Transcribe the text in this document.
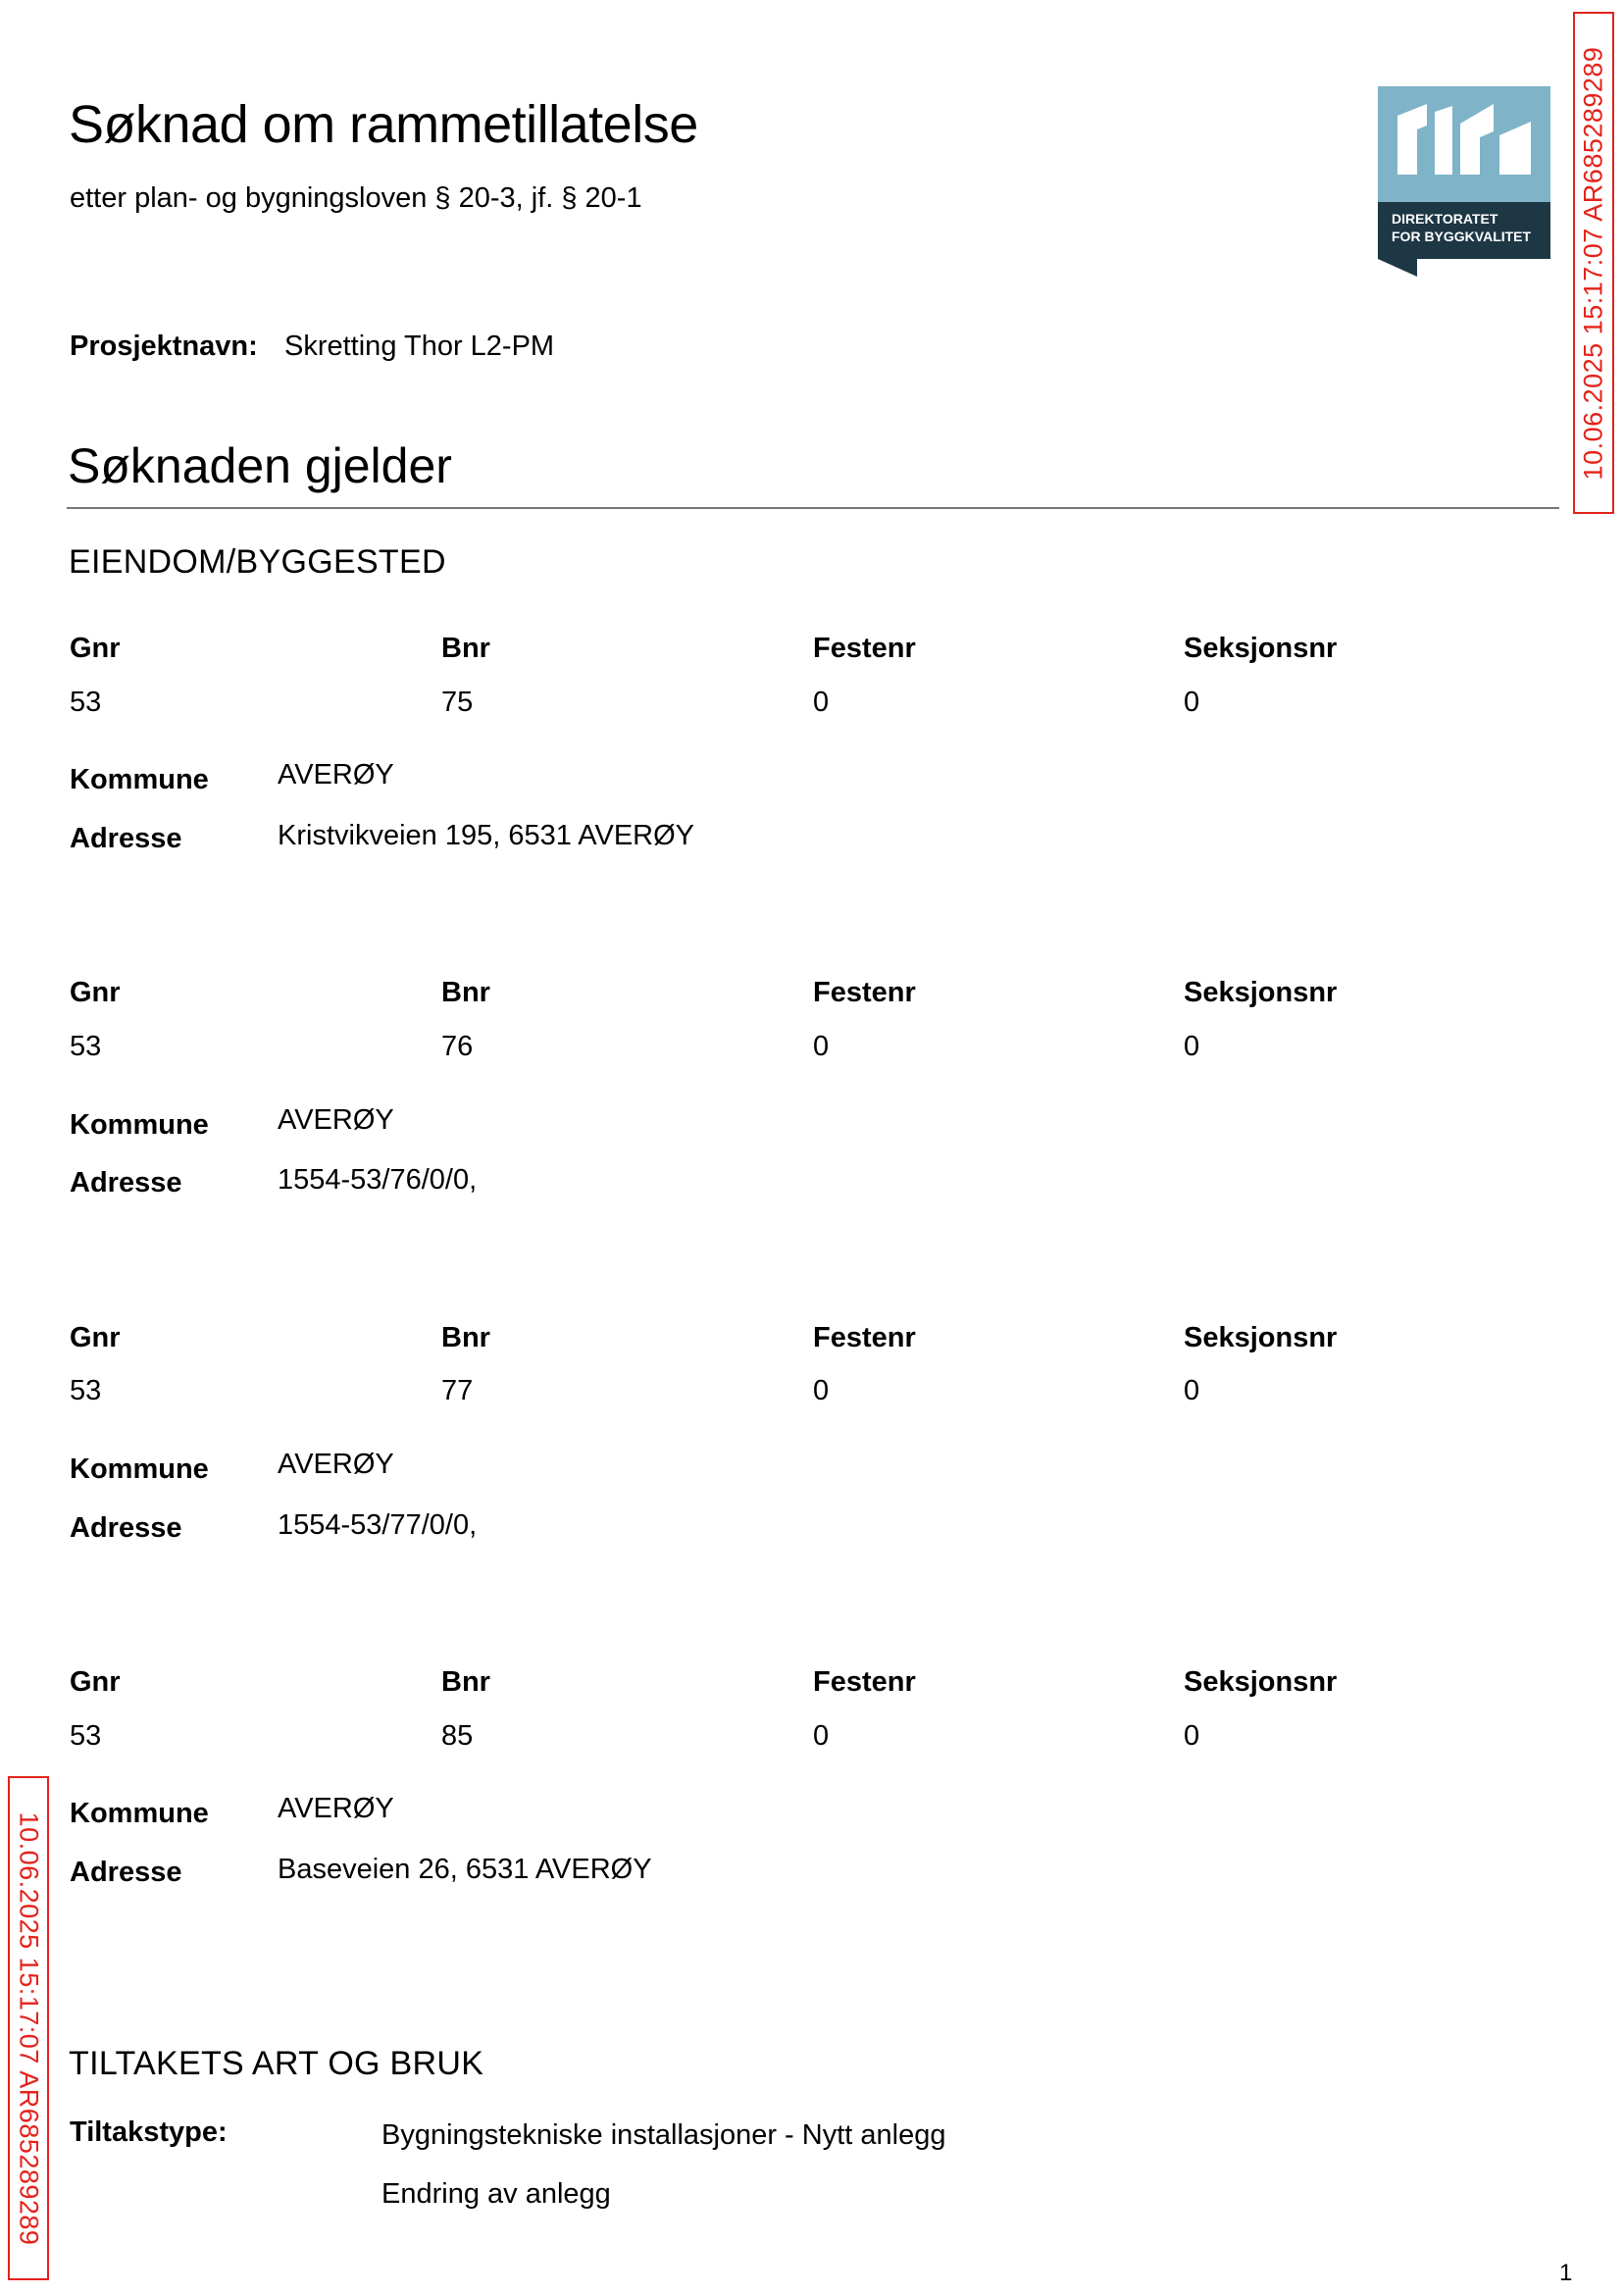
Søknad om rammetillatelse
etter plan- og bygningsloven § 20-3, jf. § 20-1
DIREKTORATET
FOR BYGGKVALITET
Prosjektnavn: Skretting Thor L2-PM
Søknaden gjelder
EIENDOM/BYGGESTED
Gnr	Bnr	Festenr	Seksjonsnr
53	75	0	0
Kommune AVERØY
Adresse	Kristvikveien 195, 6531 AVERØY
Gnr	Bnr	Festenr	Seksjonsnr
53	76	0	0
Kommune AVERØY
Adresse	1554-53/76/0/0,
Gnr	Bnr	Festenr	Seksjonsnr
53	77	0	0
Kommune AVERØY
Adresse	1554-53/77/0/0,
Gnr	Bnr	Festenr	Seksjonsnr
53	85	0	0
Kommune AVERØY
Adresse	Baseveien 26, 6531 AVERØY
TILTAKETS ART OG BRUK
Tiltakstype:	Bygningstekniske installasjoner - Nytt anlegg
Endring av anlegg
10.06.2025 15:17:07 AR685289289
10.06.2025 15:17:07 AR685289289
1
